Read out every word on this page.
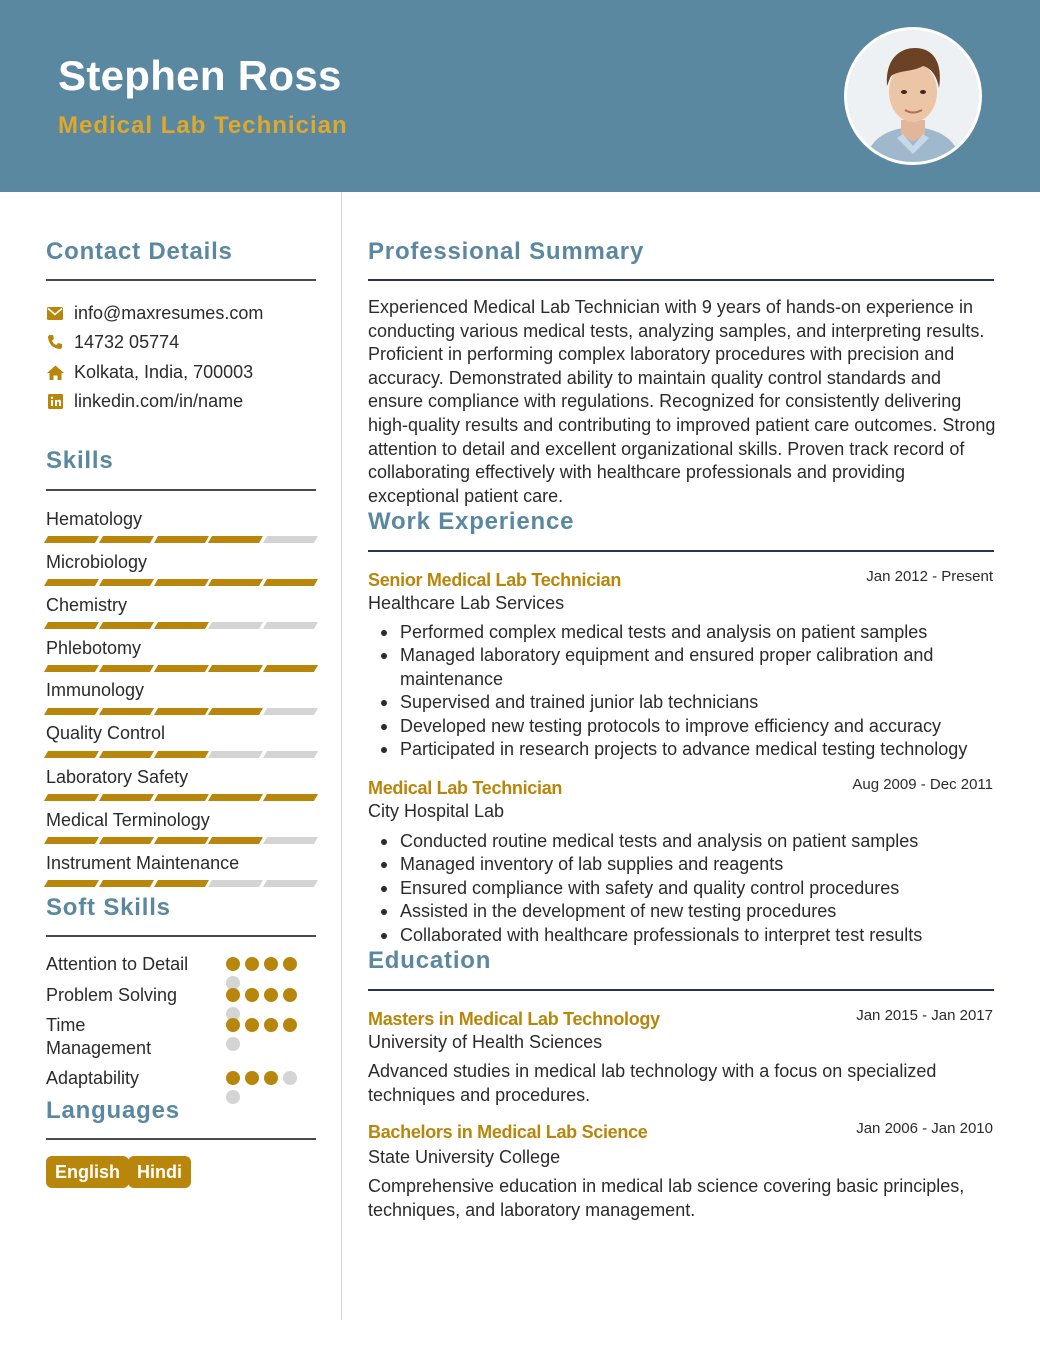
Stephen Ross
Medical Lab Technician
Contact Details
info@maxresumes.com
14732 05774
Kolkata, India, 700003
linkedin.com/in/name
Skills
Hematology
Microbiology
Chemistry
Phlebotomy
Immunology
Quality Control
Laboratory Safety
Medical Terminology
Instrument Maintenance
Soft Skills
Attention to Detail
Problem Solving
Time Management
Adaptability
Languages
English Hindi
Professional Summary
Experienced Medical Lab Technician with 9 years of hands-on experience in conducting various medical tests, analyzing samples, and interpreting results. Proficient in performing complex laboratory procedures with precision and accuracy. Demonstrated ability to maintain quality control standards and ensure compliance with regulations. Recognized for consistently delivering high-quality results and contributing to improved patient care outcomes. Strong attention to detail and excellent organizational skills. Proven track record of collaborating effectively with healthcare professionals and providing exceptional patient care.
Work Experience
Senior Medical Lab Technician	Jan 2012 - Present
Healthcare Lab Services
Performed complex medical tests and analysis on patient samples
Managed laboratory equipment and ensured proper calibration and maintenance
Supervised and trained junior lab technicians
Developed new testing protocols to improve efficiency and accuracy
Participated in research projects to advance medical testing technology
Medical Lab Technician	Aug 2009 - Dec 2011
City Hospital Lab
Conducted routine medical tests and analysis on patient samples
Managed inventory of lab supplies and reagents
Ensured compliance with safety and quality control procedures
Assisted in the development of new testing procedures
Collaborated with healthcare professionals to interpret test results
Education
Masters in Medical Lab Technology	Jan 2015 - Jan 2017
University of Health Sciences
Advanced studies in medical lab technology with a focus on specialized techniques and procedures.
Bachelors in Medical Lab Science	Jan 2006 - Jan 2010
State University College
Comprehensive education in medical lab science covering basic principles, techniques, and laboratory management.
